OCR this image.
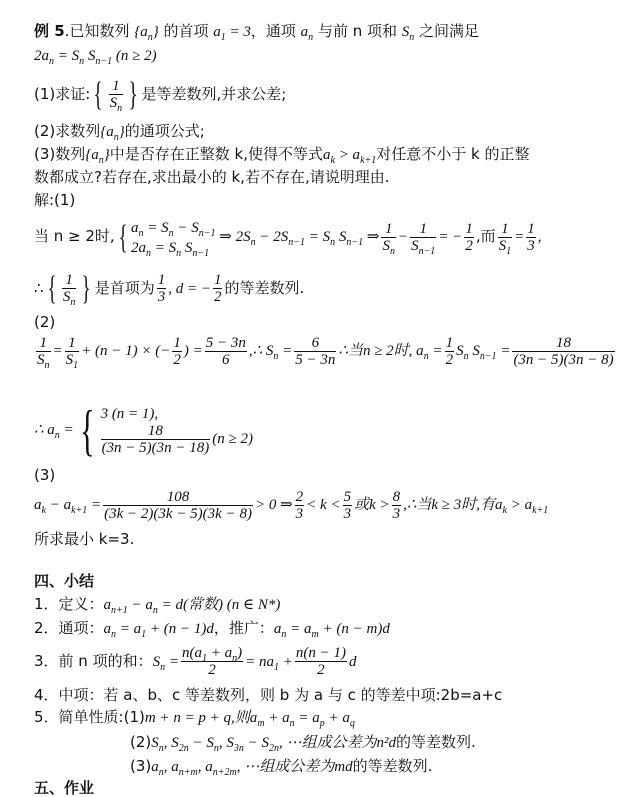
例 5.已知数列 $\{a_n\}$ 的首项 $a_1 = 3$，通项 $a_n$ 与前 n 项和 $S_n$ 之间满足
$2a_n = S_n$ $S_{n-1}$ (n ≥ 2)
(1)求证: { $\frac{1}{S_n}$ } 是等差数列,并求公差;
(2)求数列$\{a_n\}$的通项公式;
(3)数列$\{a_n\}$中是否存在正整数 k,使得不等式$a_k > a_{k+1}$对任意不小于 k 的正整
数都成立?若存在,求出最小的 k,若不存在,请说明理由.
解:(1)
当 n ≥ 2时, { $a_n = S_n - S_{n-1}$
$2a_n = S_n$ $S_{n-1}$
⇒ $2S_n - 2S_{n-1} = S_n$ $S_{n-1}$ ⇒ $\frac{1}{S_n} - \frac{1}{S_{n-1}}$ = − $\frac{1}{2}$ ,而 $\frac{1}{S_1} = \frac{1}{3}$ ,
∴ { $\frac{1}{S_n}$ } 是首项为 $\frac{1}{3}$ , d = − $\frac{1}{2}$ 的等差数列.
(2)
$\frac{1}{S_n} = \frac{1}{S_1} + (n - 1)$ × (− $\frac{1}{2}$ ) = $\frac{5 - 3n}{6}$ ,∴ $S_n = \frac{6}{5 - 3n}$ ∴当n ≥ 2时, $a_n = \frac{1}{2} S_n$ $S_{n-1} = \frac{18}{(3n - 5)(3n - 8)}$
∴ $a_n$ = { 3 (n = 1),
$\frac{18}{(3n - 5)(3n - 18)} (n \ge 2)$
(3)
$a_k - a_{k+1} = \frac{108}{(3k - 2)(3k - 5)(3k - 8)} > 0$ ⇒ $\frac{2}{3} < k < \frac{5}{3}$ 或$k > \frac{8}{3}$ ,∴当k ≥ 3时,有$a_k > a_{k+1}$
所求最小 k=3.
四、小结
1．定义：$a_{n+1} - a_n = d$(常数) (n ∈ N*)
2．通项：$a_n = a_1 + (n - 1)d$，推广：$a_n = a_m + (n - m)d$
3．前 n 项的和：$S_n = \frac{n(a_1 + a_n)}{2} = na_1 + \frac{n(n - 1)}{2}$ d
4．中项：若 a、b、c 等差数列，则 b 为 a 与 c 的等差中项:2b=a+c
5．简单性质:(1)m + n = p + q,则$a_m + a_n = a_p + a_q$
$(2)S_n$, $S_{2n} - S_n$, $S_{3n} - S_{2n}$, ⋯组成公差为n²d的等差数列.
$(3)a_n$, $a_{n+m}$, $a_{n+2m}$, ⋯组成公差为md的等差数列.
五、作业
